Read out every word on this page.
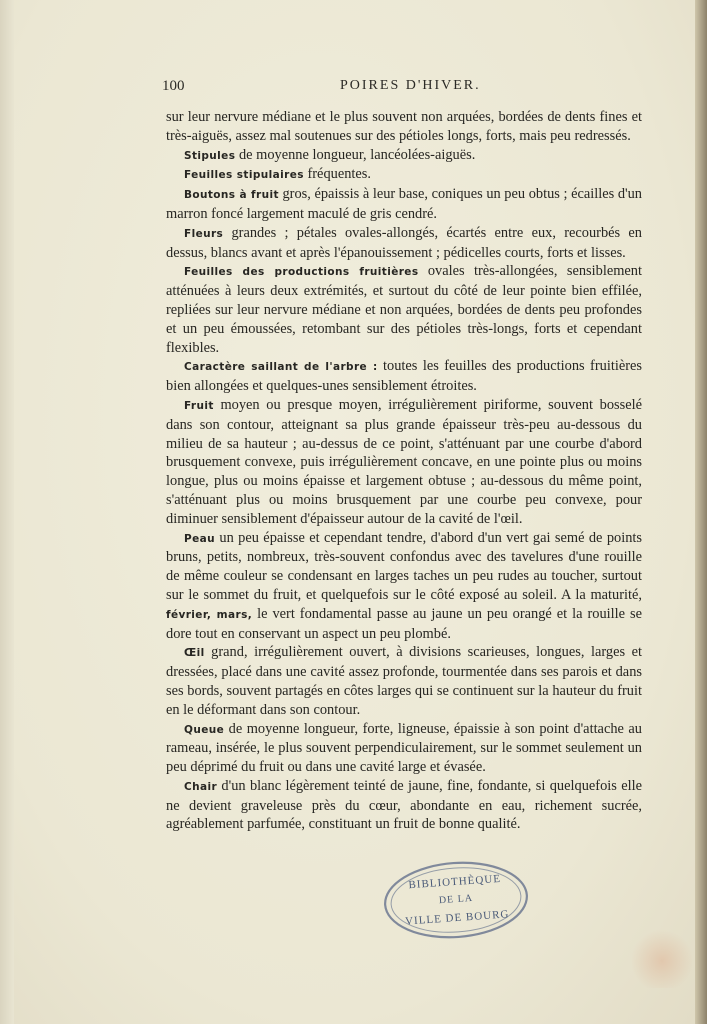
100	POIRES D'HIVER.

sur leur nervure médiane et le plus souvent non arquées, bordées de dents fines et très-aiguës, assez mal soutenues sur des pétioles longs, forts, mais peu redressés.

Stipules de moyenne longueur, lancéolées-aiguës.

Feuilles stipulaires fréquentes.

Boutons à fruit gros, épaissis à leur base, coniques un peu obtus ; écailles d'un marron foncé largement maculé de gris cendré.

Fleurs grandes ; pétales ovales-allongés, écartés entre eux, recourbés en dessus, blancs avant et après l'épanouissement ; pédicelles courts, forts et lisses.

Feuilles des productions fruitières ovales très-allongées, sensiblement atténuées à leurs deux extrémités, et surtout du côté de leur pointe bien effilée, repliées sur leur nervure médiane et non arquées, bordées de dents peu profondes et un peu émoussées, retombant sur des pétioles très-longs, forts et cependant flexibles.

Caractère saillant de l'arbre : toutes les feuilles des productions fruitières bien allongées et quelques-unes sensiblement étroites.

Fruit moyen ou presque moyen, irrégulièrement piriforme, souvent bosselé dans son contour, atteignant sa plus grande épaisseur très-peu au-dessous du milieu de sa hauteur ; au-dessus de ce point, s'atténuant par une courbe d'abord brusquement convexe, puis irrégulièrement concave, en une pointe plus ou moins longue, plus ou moins épaisse et largement obtuse ; au-dessous du même point, s'atténuant plus ou moins brusquement par une courbe peu convexe, pour diminuer sensiblement d'épaisseur autour de la cavité de l'œil.

Peau un peu épaisse et cependant tendre, d'abord d'un vert gai semé de points bruns, petits, nombreux, très-souvent confondus avec des tavelures d'une rouille de même couleur se condensant en larges taches un peu rudes au toucher, surtout sur le sommet du fruit, et quelquefois sur le côté exposé au soleil. A la maturité, février, mars, le vert fondamental passe au jaune un peu orangé et la rouille se dore tout en conservant un aspect un peu plombé.

Œil grand, irrégulièrement ouvert, à divisions scarieuses, longues, larges et dressées, placé dans une cavité assez profonde, tourmentée dans ses parois et dans ses bords, souvent partagés en côtes larges qui se continuent sur la hauteur du fruit en le déformant dans son contour.

Queue de moyenne longueur, forte, ligneuse, épaissie à son point d'attache au rameau, insérée, le plus souvent perpendiculairement, sur le sommet seulement un peu déprimé du fruit ou dans une cavité large et évasée.

Chair d'un blanc légèrement teinté de jaune, fine, fondante, si quelquefois elle ne devient graveleuse près du cœur, abondante en eau, richement sucrée, agréablement parfumée, constituant un fruit de bonne qualité.

BIBLIOTHÈQUE
DE LA
VILLE DE BOURG
